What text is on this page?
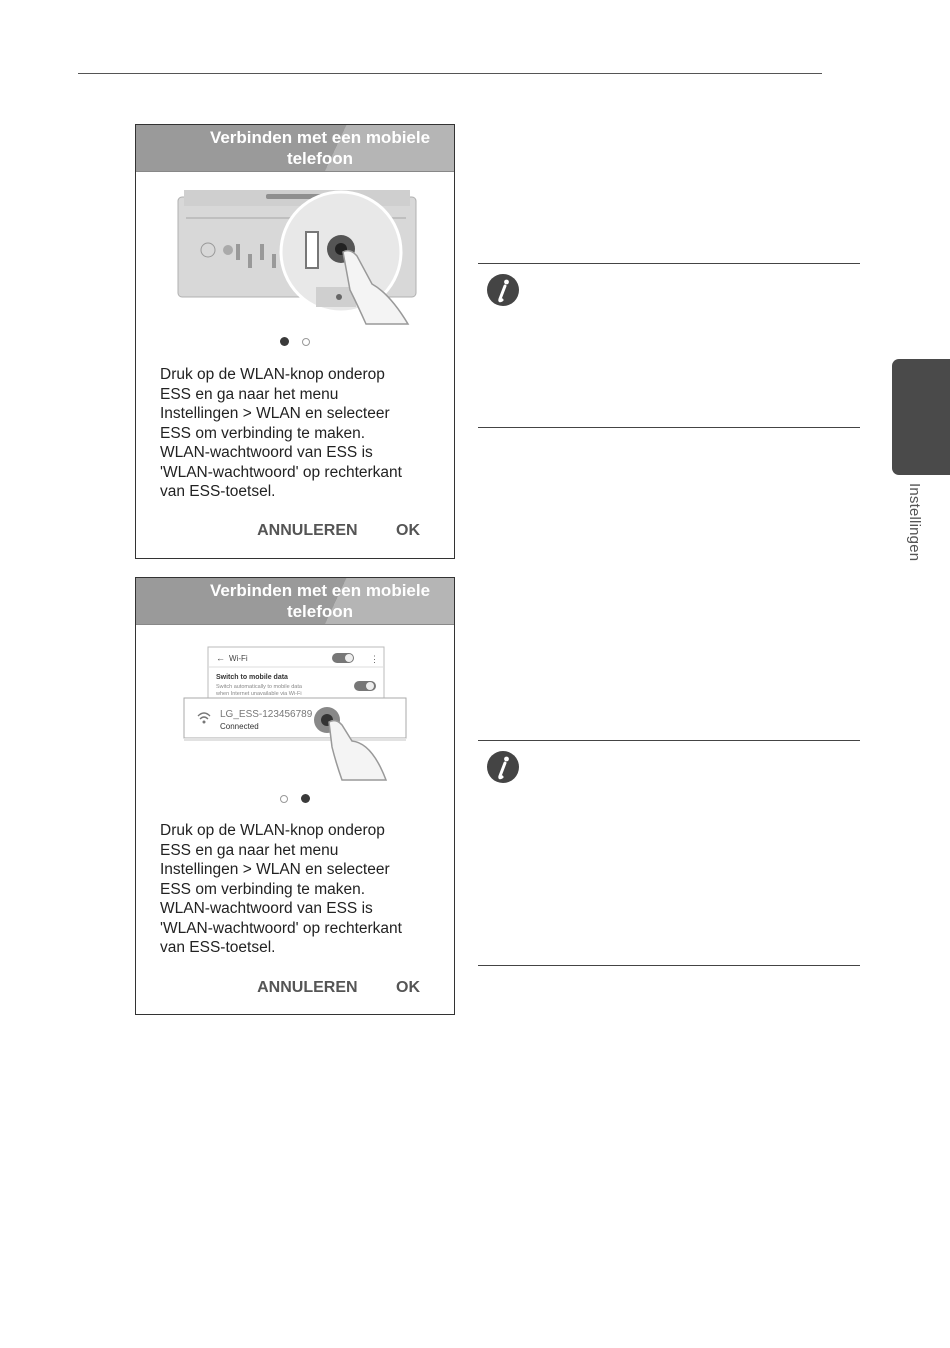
Verbinden met een mobiele
telefoon

Druk op de WLAN-knop onderop

ESS en ga naar het menu

Instellingen > WLAN en selecteer

ESS om verbinding te maken.

WLAN-wachtwoord van ESS is

'WLAN-wachtwoord' op rechterkant

van ESS-toetsel.

ANNULEREN OK
Verbinden met een mobiele
telefoon
← Wi-Fi	⋮
Switch to mobile data
Switch automatically to mobile data
when Internet unavailable via Wi-Fi
LG_ESS-123456789
Connected

Druk op de WLAN-knop onderop

ESS en ga naar het menu

Instellingen > WLAN en selecteer

ESS om verbinding te maken.

WLAN-wachtwoord van ESS is

'WLAN-wachtwoord' op rechterkant

van ESS-toetsel.

ANNULEREN OK
Instellingen
